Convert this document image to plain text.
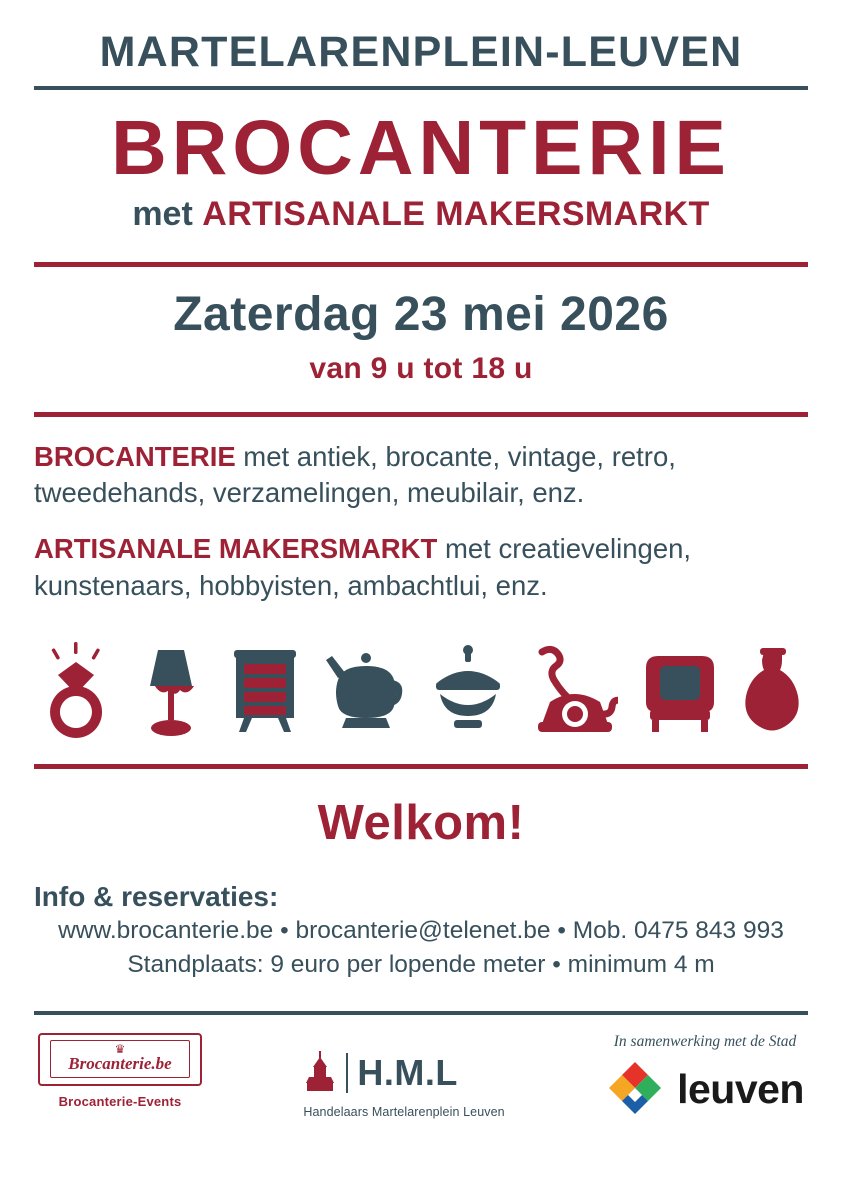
MARTELARENPLEIN-LEUVEN
BROCANTERIE
met ARTISANALE MAKERSMARKT
Zaterdag 23 mei 2026
van 9 u tot 18 u
BROCANTERIE met antiek, brocante, vintage, retro, tweedehands, verzamelingen, meubilair, enz.
ARTISANALE MAKERSMARKT met creatievelingen, kunstenaars, hobbyisten, ambachtlui, enz.
Welkom!
Info & reservaties:
www.brocanterie.be • brocanterie@telenet.be • Mob. 0475 843 993
Standplaats: 9 euro per lopende meter • minimum 4 m
♛
Brocanterie.be
Brocanterie-Events
H.M.L
Handelaars Martelarenplein Leuven
In samenwerking met de Stad
leuven
